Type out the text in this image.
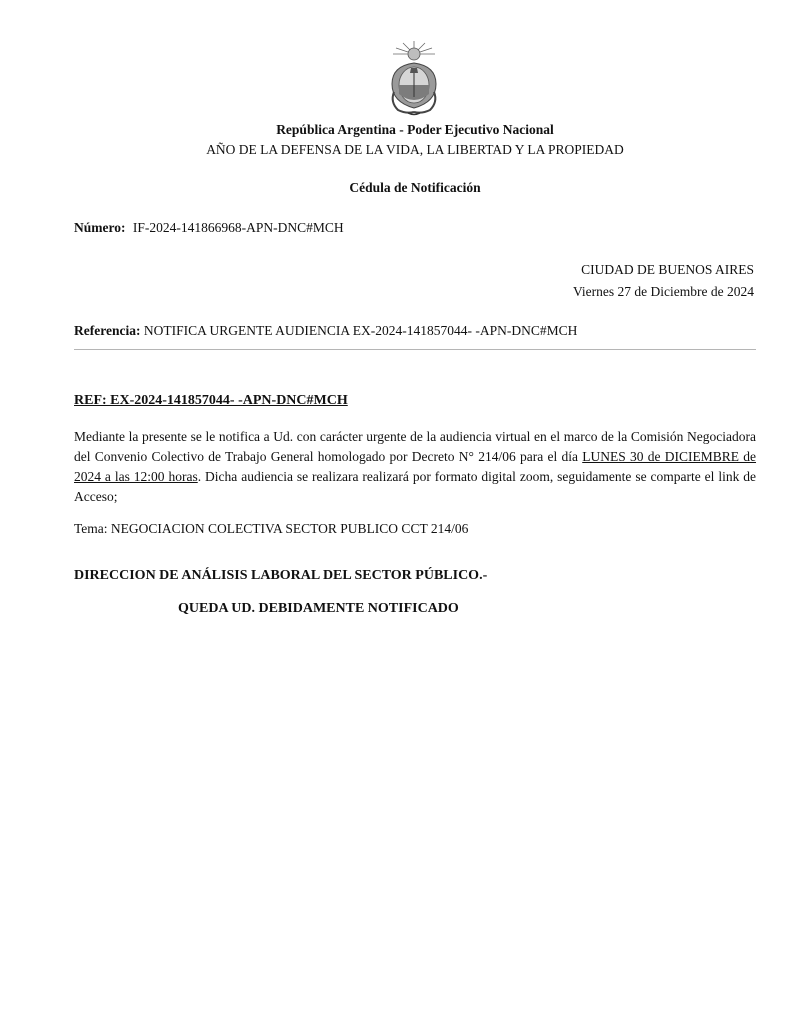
República Argentina - Poder Ejecutivo Nacional
AÑO DE LA DEFENSA DE LA VIDA, LA LIBERTAD Y LA PROPIEDAD
Cédula de Notificación
Número: IF-2024-141866968-APN-DNC#MCH
CIUDAD DE BUENOS AIRES
Viernes 27 de Diciembre de 2024
Referencia: NOTIFICA URGENTE AUDIENCIA EX-2024-141857044- -APN-DNC#MCH
REF: EX-2024-141857044- -APN-DNC#MCH

Mediante la presente se le notifica a Ud. con carácter urgente de la audiencia virtual en el marco de la Comisión Negociadora del Convenio Colectivo de Trabajo General homologado por Decreto N° 214/06 para el día LUNES 30 de DICIEMBRE de 2024 a las 12:00 horas. Dicha audiencia se realizara realizará por formato digital zoom, seguidamente se comparte el link de Acceso;

Tema: NEGOCIACION COLECTIVA SECTOR PUBLICO CCT 214/06
DIRECCION DE ANÁLISIS LABORAL DEL SECTOR PÚBLICO.-
QUEDA UD. DEBIDAMENTE NOTIFICADO
